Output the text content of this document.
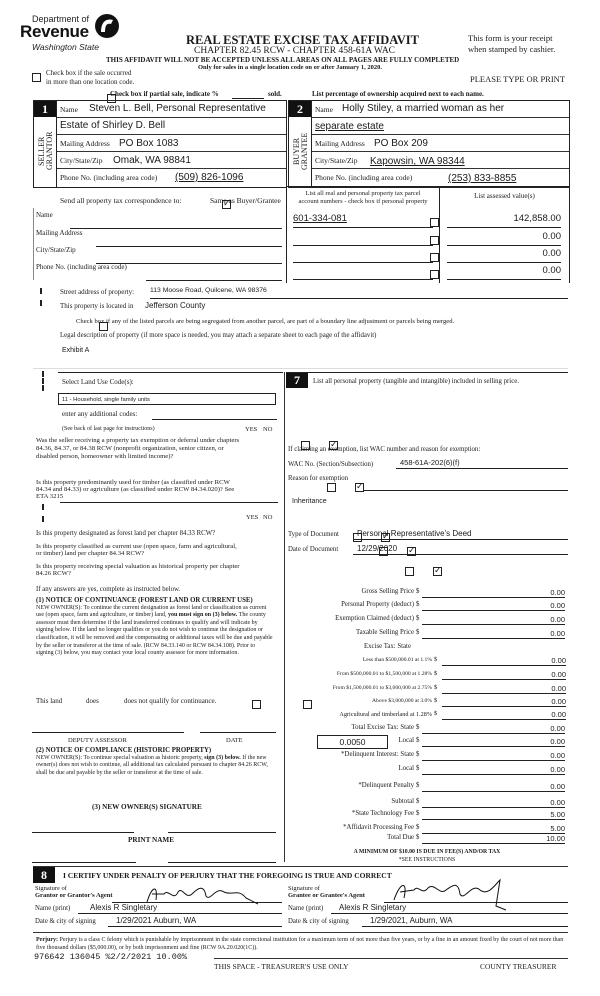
Department of
Revenue
Washington State	REAL ESTATE EXCISE TAX AFFIDAVIT
CHAPTER 82.45 RCW - CHAPTER 458-61A WAC
THIS AFFIDAVIT WILL NOT BE ACCEPTED UNLESS ALL AREAS ON ALL PAGES ARE FULLY COMPLETED
Only for sales in a single location code on or after January 1, 2020.
This form is your receipt
when stamped by cashier.
PLEASE TYPE OR PRINT

Check box if the sale occurred
in more than one location code.

Check box if partial sale, indicate %	sold.	List percentage of ownership acquired next to each name.
1
SELLER
GRANTOR
Name Steven L. Bell, Personal Representative
Estate of Shirley D. Bell
Mailing Address PO Box 1083
City/State/Zip Omak, WA 98841
Phone No. (including area code) (509) 826-1096
2
BUYER
GRANTEE
Name Holly Stiley, a married woman as her
separate estate
Mailing Address PO Box 209
City/State/Zip Kapowsin, WA 98344
Phone No. (including area code)	(253) 833-8855
Send all property tax correspondence to: ✓	Same as Buyer/Grantee
Name
Mailing Address
City/State/Zip
Phone No. (including area code)
List all real and personal property tax parcel
account numbers - check box if personal property
List assessed value(s)
601-334-081	142,858.00
0.00
0.00
0.00
Street address of property: 113 Moose Road, Quilcene, WA 98376
This property is located in Jefferson County

Check box if any of the listed parcels are being segregated from another parcel, are part of a boundary line adjustment or parcels being merged.
Legal description of property (if more space is needed, you may attach a separate sheet to each page of the affidavit)
Exhibit A
Select Land Use Code(s):
11 - Household, single family units
enter any additional codes:
(See back of last page for instructions)	YES NO
Was the seller receiving a property tax exemption or deferral under chapters 84.36, 84.37, or 84.38 RCW (nonprofit organization, senior citizen, or disabled person, homeowner with limited income)?
✓
Is this property predominantly used for timber (as classified under RCW 84.34 and 84.33) or agriculture (as classified under RCW 84.34.020)? See ETA 3215
✓
YES NO
Is this property designated as forest land per chapter 84.33 RCW?
✓
Is this property classified as current use (open space, farm and agricultural, or timber) land per chapter 84.34 RCW?
✓
Is this property receiving special valuation as historical property per chapter 84.26 RCW?
✓
If any answers are yes, complete as instructed below.
(1) NOTICE OF CONTINUANCE (FOREST LAND OR CURRENT USE)
NEW OWNER(S): To continue the current designation as forest land or classification as current use (open space, farm and agriculture, or timber) land, you must sign on (3) below. The county assessor must then determine if the land transferred continues to qualify and will indicate by signing below. If the land no longer qualifies or you do not wish to continue the designation or classification, it will be removed and the compensating or additional taxes will be due and payable by the seller or transferor at the time of sale. (RCW 84.33.140 or RCW 84.34.108). Prior to signing (3) below, you may contact your local county assessor for more information.
This land
	does	does not qualify for continuance.
DEPUTY ASSESSOR	DATE
(2) NOTICE OF COMPLIANCE (HISTORIC PROPERTY)
NEW OWNER(S): To continue special valuation as historic property, sign (3) below. If the new owner(s) does not wish to continue, all additional tax calculated pursuant to chapter 84.26 RCW, shall be due and payable by the seller or transferor at the time of sale.
(3) NEW OWNER(S) SIGNATURE
PRINT NAME
7	List all personal property (tangible and intangible) included in selling price.
If claiming an exemption, list WAC number and reason for exemption:
WAC No. (Section/Subsection)	458-61A-202(6)(f)
Reason for exemption
Inheritance
Type of Document	Personal Representative's Deed
Date of Document	12/29/2020
Gross Selling Price $	0.00
Personal Property (deduct) $	0.00
Exemption Claimed (deduct) $	0.00
Taxable Selling Price $	0.00
Excise Tax: State
Less than $500,000.01 at 1.1% $	0.00
From $500,000.01 to $1,500,000 at 1.28% $	0.00
From $1,500,000.01 to $3,000,000 at 2.75% $	0.00
Above $3,000,000 at 3.0% $	0.00
Agricultural and timberland at 1.28% $	0.00
Total Excise Tax: State $	0.00
0.0050	Local $	0.00
*Delinquent Interest: State $	0.00
Local $	0.00
*Delinquent Penalty $	0.00
Subtotal $	0.00
*State Technology Fee $	5.00
*Affidavit Processing Fee $	5.00
Total Due $	10.00
A MINIMUM OF $10.00 IS DUE IN FEE(S) AND/OR TAX
*SEE INSTRUCTIONS
8	I CERTIFY UNDER PENALTY OF PERJURY THAT THE FOREGOING IS TRUE AND CORRECT
Signature of
Grantor or Grantor's Agent
Name (print)	Alexis R Singletary
Date & city of signing	1/29/2021 Auburn, WA
Signature of
Grantee or Grantee's Agent
Name (print)	Alexis R Singletary
Date & city of signing	1/29/2021, Auburn, WA
Perjury: Perjury is a class C felony which is punishable by imprisonment in the state correctional institution for a maximum term of not more than five years, or by a fine in an amount fixed by the court of not more than five thousand dollars ($5,000.00), or by both imprisonment and fine (RCW 9A.20.020(1C)).
976642 136045 %2/2/2021 10.00%
THIS SPACE - TREASURER'S USE ONLY	COUNTY TREASURER
